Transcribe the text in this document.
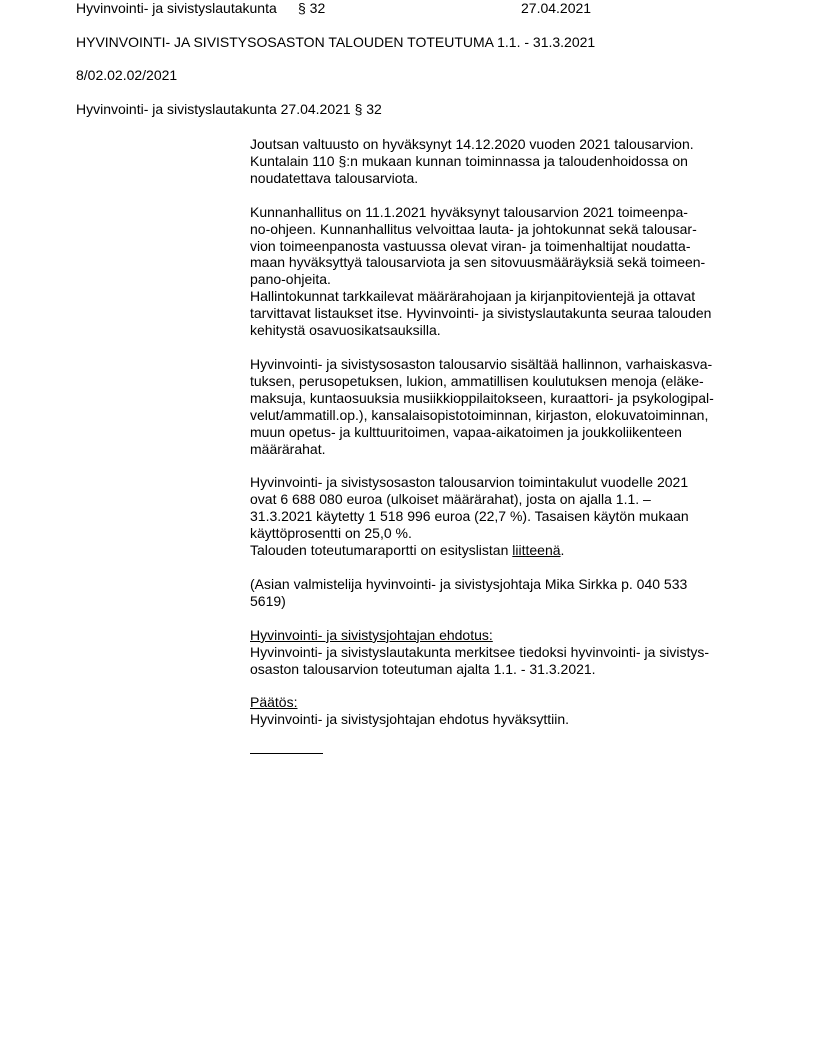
Hyvinvointi- ja sivistyslautakunta § 32	27.04.2021
HYVINVOINTI- JA SIVISTYSOSASTON TALOUDEN TOTEUTUMA 1.1. - 31.3.2021
8/02.02.02/2021
Hyvinvointi- ja sivistyslautakunta 27.04.2021 § 32

Joutsan valtuusto on hyväksynyt 14.12.2020 vuoden 2021 talousarvion.
Kuntalain 110 §:n mukaan kunnan toiminnassa ja taloudenhoidossa on
noudatettava talousarviota.

Kunnanhallitus on 11.1.2021 hyväksynyt talousarvion 2021 toimeenpa-
no-ohjeen. Kunnanhallitus velvoittaa lauta- ja johtokunnat sekä talousar-
vion toimeenpanosta vastuussa olevat viran- ja toimenhaltijat noudatta-
maan hyväksyttyä talousarviota ja sen sitovuusmääräyksiä sekä toimeen-
pano-ohjeita.
Hallintokunnat tarkkailevat määrärahojaan ja kirjanpitovientejä ja ottavat
tarvittavat listaukset itse. Hyvinvointi- ja sivistyslautakunta seuraa talouden
kehitystä osavuosikatsauksilla.

Hyvinvointi- ja sivistysosaston talousarvio sisältää hallinnon, varhaiskasva-
tuksen, perusopetuksen, lukion, ammatillisen koulutuksen menoja (eläke-
maksuja, kuntaosuuksia musiikkioppilaitokseen, kuraattori- ja psykologipal-
velut/ammatill.op.), kansalaisopistotoiminnan, kirjaston, elokuvatoiminnan,
muun opetus- ja kulttuuritoimen, vapaa-aikatoimen ja joukkoliikenteen
määrärahat.

Hyvinvointi- ja sivistysosaston talousarvion toimintakulut vuodelle 2021
ovat 6 688 080 euroa (ulkoiset määrärahat), josta on ajalla 1.1. –
31.3.2021 käytetty 1 518 996 euroa (22,7 %). Tasaisen käytön mukaan
käyttöprosentti on 25,0 %.
Talouden toteutumaraportti on esityslistan liitteenä.

(Asian valmistelija hyvinvointi- ja sivistysjohtaja Mika Sirkka p. 040 533
5619)

Hyvinvointi- ja sivistysjohtajan ehdotus:
Hyvinvointi- ja sivistyslautakunta merkitsee tiedoksi hyvinvointi- ja sivistys-
osaston talousarvion toteutuman ajalta 1.1. - 31.3.2021.

Päätös:
Hyvinvointi- ja sivistysjohtajan ehdotus hyväksyttiin.
